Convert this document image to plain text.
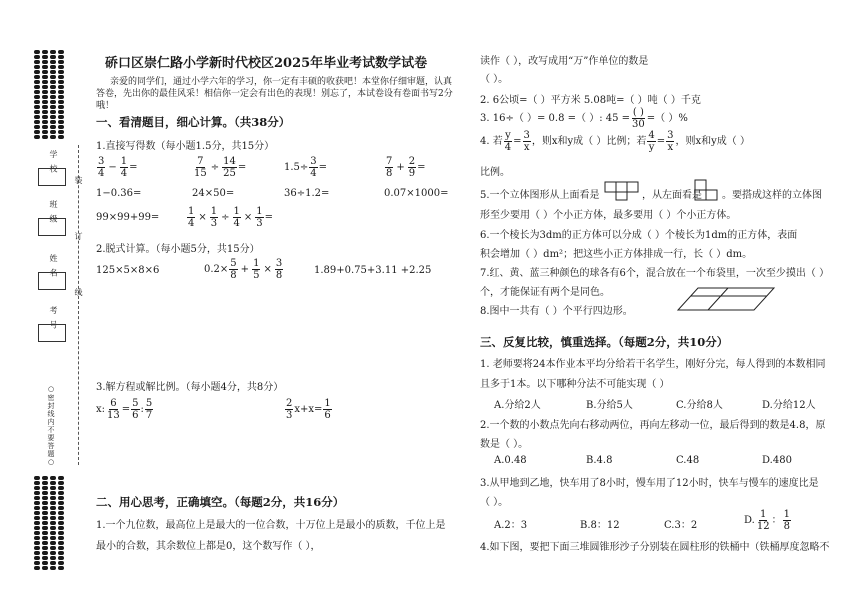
学 校
班 级
姓 名
考 号
装
订
线
○密封线内不要答题○
硚口区崇仁路小学新时代校区2025年毕业考试数学试卷
亲爱的同学们，通过小学六年的学习，你一定有丰硕的收获吧！本堂你仔细审题，认真
答卷，先出你的最佳风采！相信你一定会有出色的表现！别忘了，本试卷设有卷面书写2分
哦！
一、看清题目，细心计算。（共38分）
1.直接写得数（每小题1.5分，共15分）
$\frac{3}{4} - \frac{1}{4}$ =	$\frac{7}{15} \div \frac{14}{25}$ =	$1.5\div \frac{3}{4}$ =	$\frac{7}{8} + \frac{2}{9}$ =
1−0.36=	24×50=	36÷1.2=	0.07×1000=
99×99+99=	$\frac{1}{4} \times \frac{1}{3} \div \frac{1}{4} \times \frac{1}{3}$ =
2.脱式计算。（每小题5分，共15分）
125×5×8×6	$0.2\times \frac{5}{8} + \frac{1}{5} \times \frac{3}{8}$	1.89+0.75+3.11 +2.25
3.解方程或解比例。（每小题4分，共8分）
x: $\frac{6}{13} = \frac{5}{6}$ : $\frac{5}{7}$	$\frac{2}{3} x+x= \frac{1}{6}$
二、用心思考，正确填空。（每题2分，共16分）
1.一个九位数，最高位上是最大的一位合数，十万位上是最小的质数，千位上是
最小的合数，其余数位上都是0，这个数写作（ ），
读作（ ），改写成用“万”作单位的数是
（ ）。
2. 6公顷=（ ）平方米 5.08吨=（ ）吨（ ）千克
3. 16÷（ ）= 0.8 =（ ）: 45 =
( )
30
=（ ）%
4. 若 $\frac{y}{4} = \frac{3}{x}$ ，则x和y成（ ）比例；若 $\frac{4}{y} = \frac{3}{x}$ ，则x和y成（ ）
比例。
5.一个立体图形从上面看是	，从左面看是 。要搭成这样的立体图
形至少要用（ ）个小正方体，最多要用（ ）个小正方体。
6.一个棱长为3dm的正方体可以分成（ ）个棱长为1dm的正方体，表面
积会增加（ ）dm²；把这些小正方体排成一行，长（ ）dm。
7.红、黄、蓝三种颜色的球各有6个，混合放在一个布袋里，一次至少摸出（ ）
个，才能保证有两个是同色。
8.图中一共有（ ）个平行四边形。
三、反复比较，慎重选择。（每题2分，共10分）
1. 老师要将24本作业本平均分给若干名学生，刚好分完，每人得到的本数相同
且多于1本。以下哪种分法不可能实现（ ）
A.分给2人	B.分给5人	C.分给8人	D.分给12人
2.一个数的小数点先向右移动两位，再向左移动一位，最后得到的数是4.8，原
数是（ ）。
A.0.48	B.4.8	C.48	D.480
3.从甲地到乙地，快车用了8小时，慢车用了12小时，快车与慢车的速度比是
（ ）。
A.2：3	B.8：12	C.3：2	D. $\frac{1}{12}$ ： $\frac{1}{8}$
4.如下图，要把下面三堆圆锥形沙子分别装在圆柱形的铁桶中（铁桶厚度忽略不
